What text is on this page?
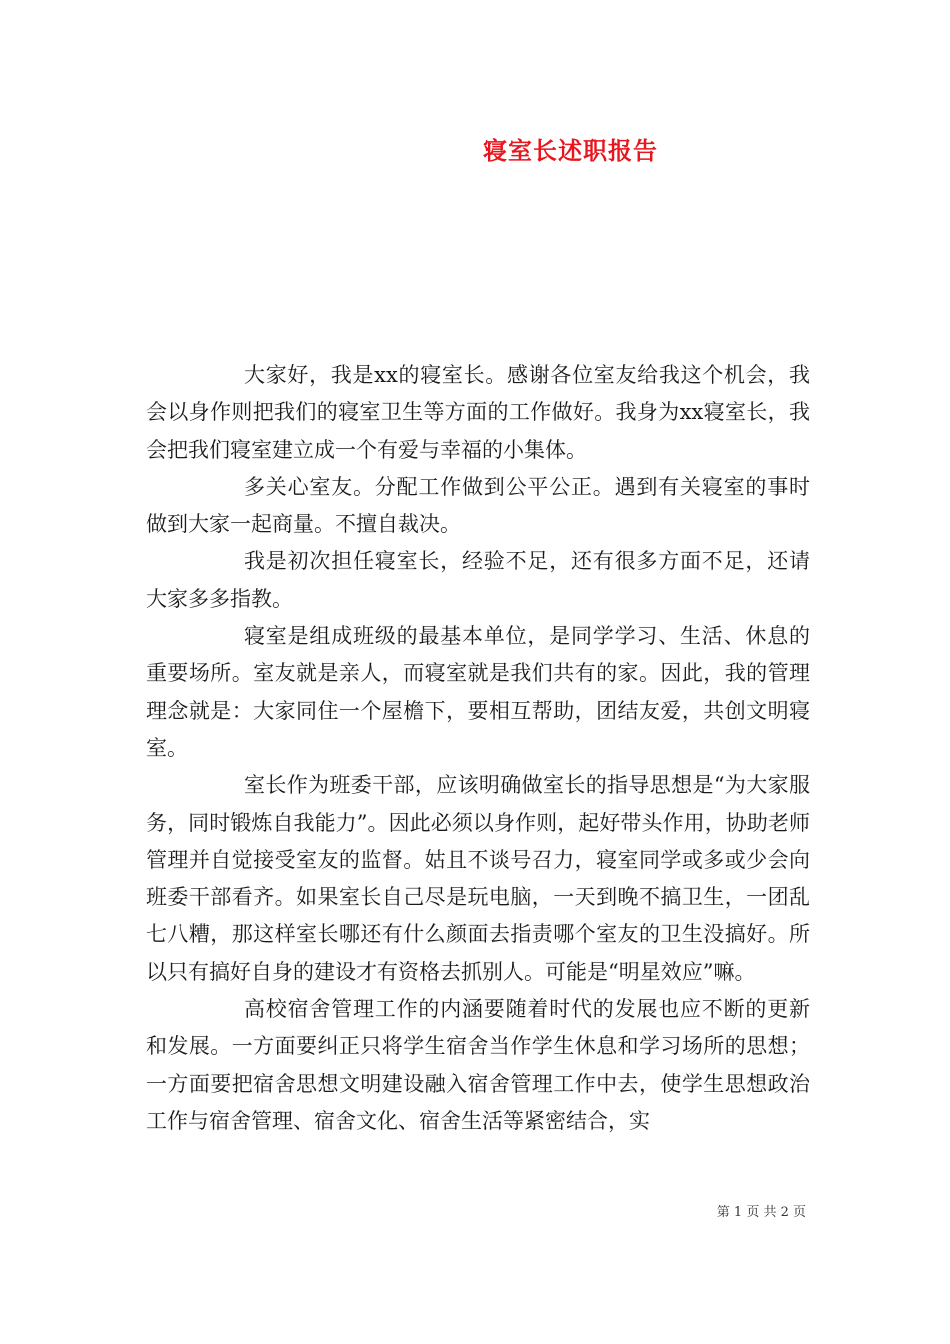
寝室长述职报告

大家好，我是xx的寝室长。感谢各位室友给我这个机会，我会以身作则把我们的寝室卫生等方面的工作做好。我身为xx寝室长，我会把我们寝室建立成一个有爱与幸福的小集体。

多关心室友。分配工作做到公平公正。遇到有关寝室的事时做到大家一起商量。不擅自裁决。

我是初次担任寝室长，经验不足，还有很多方面不足，还请大家多多指教。

寝室是组成班级的最基本单位，是同学学习、生活、休息的重要场所。室友就是亲人，而寝室就是我们共有的家。因此，我的管理理念就是：大家同住一个屋檐下，要相互帮助，团结友爱，共创文明寝室。

室长作为班委干部，应该明确做室长的指导思想是“为大家服务，同时锻炼自我能力”。因此必须以身作则，起好带头作用，协助老师管理并自觉接受室友的监督。姑且不谈号召力，寝室同学或多或少会向班委干部看齐。如果室长自己尽是玩电脑，一天到晚不搞卫生，一团乱七八糟，那这样室长哪还有什么颜面去指责哪个室友的卫生没搞好。所以只有搞好自身的建设才有资格去抓别人。可能是“明星效应”嘛。

高校宿舍管理工作的内涵要随着时代的发展也应不断的更新和发展。一方面要纠正只将学生宿舍当作学生休息和学习场所的思想；一方面要把宿舍思想文明建设融入宿舍管理工作中去，使学生思想政治工作与宿舍管理、宿舍文化、宿舍生活等紧密结合，实

第 1 页 共 2 页
